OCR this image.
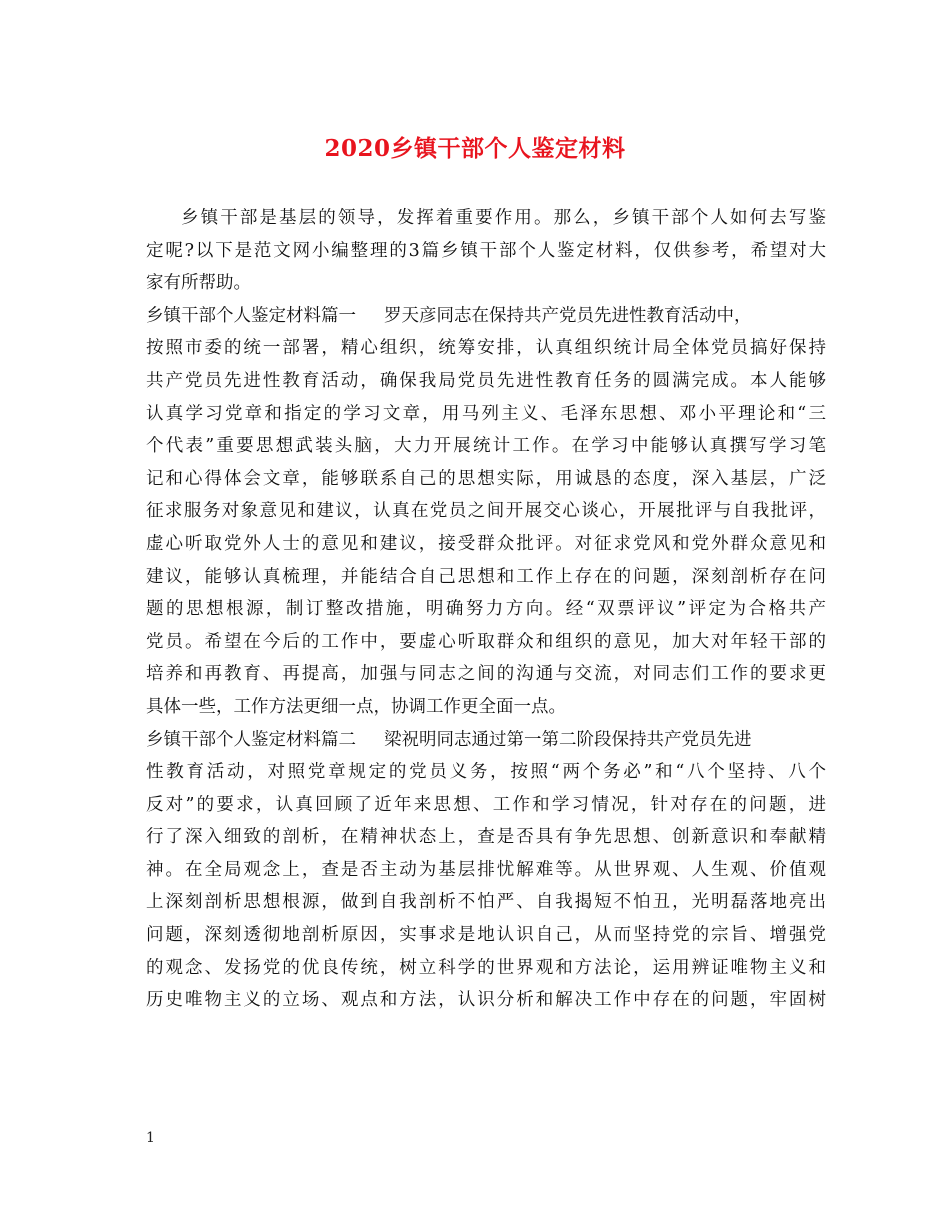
2020乡镇干部个人鉴定材料
乡镇干部是基层的领导，发挥着重要作用。那么，乡镇干部个人如何去写鉴
定呢?以下是范文网小编整理的3篇乡镇干部个人鉴定材料，仅供参考，希望对大
家有所帮助。
乡镇干部个人鉴定材料篇一 罗天彦同志在保持共产党员先进性教育活动中，
按照市委的统一部署，精心组织，统筹安排，认真组织统计局全体党员搞好保持
共产党员先进性教育活动，确保我局党员先进性教育任务的圆满完成。本人能够
认真学习党章和指定的学习文章，用马列主义、毛泽东思想、邓小平理论和“三
个代表”重要思想武装头脑，大力开展统计工作。在学习中能够认真撰写学习笔
记和心得体会文章，能够联系自己的思想实际，用诚恳的态度，深入基层，广泛
征求服务对象意见和建议，认真在党员之间开展交心谈心，开展批评与自我批评，
虚心听取党外人士的意见和建议，接受群众批评。对征求党风和党外群众意见和
建议，能够认真梳理，并能结合自己思想和工作上存在的问题，深刻剖析存在问
题的思想根源，制订整改措施，明确努力方向。经“双票评议”评定为合格共产
党员。希望在今后的工作中，要虚心听取群众和组织的意见，加大对年轻干部的
培养和再教育、再提高，加强与同志之间的沟通与交流，对同志们工作的要求更
具体一些，工作方法更细一点，协调工作更全面一点。
乡镇干部个人鉴定材料篇二 梁祝明同志通过第一第二阶段保持共产党员先进
性教育活动，对照党章规定的党员义务，按照“两个务必”和“八个坚持、八个
反对”的要求，认真回顾了近年来思想、工作和学习情况，针对存在的问题，进
行了深入细致的剖析，在精神状态上，查是否具有争先思想、创新意识和奉献精
神。在全局观念上，查是否主动为基层排忧解难等。从世界观、人生观、价值观
上深刻剖析思想根源，做到自我剖析不怕严、自我揭短不怕丑，光明磊落地亮出
问题，深刻透彻地剖析原因，实事求是地认识自己，从而坚持党的宗旨、增强党
的观念、发扬党的优良传统，树立科学的世界观和方法论，运用辨证唯物主义和
历史唯物主义的立场、观点和方法，认识分析和解决工作中存在的问题，牢固树
1
